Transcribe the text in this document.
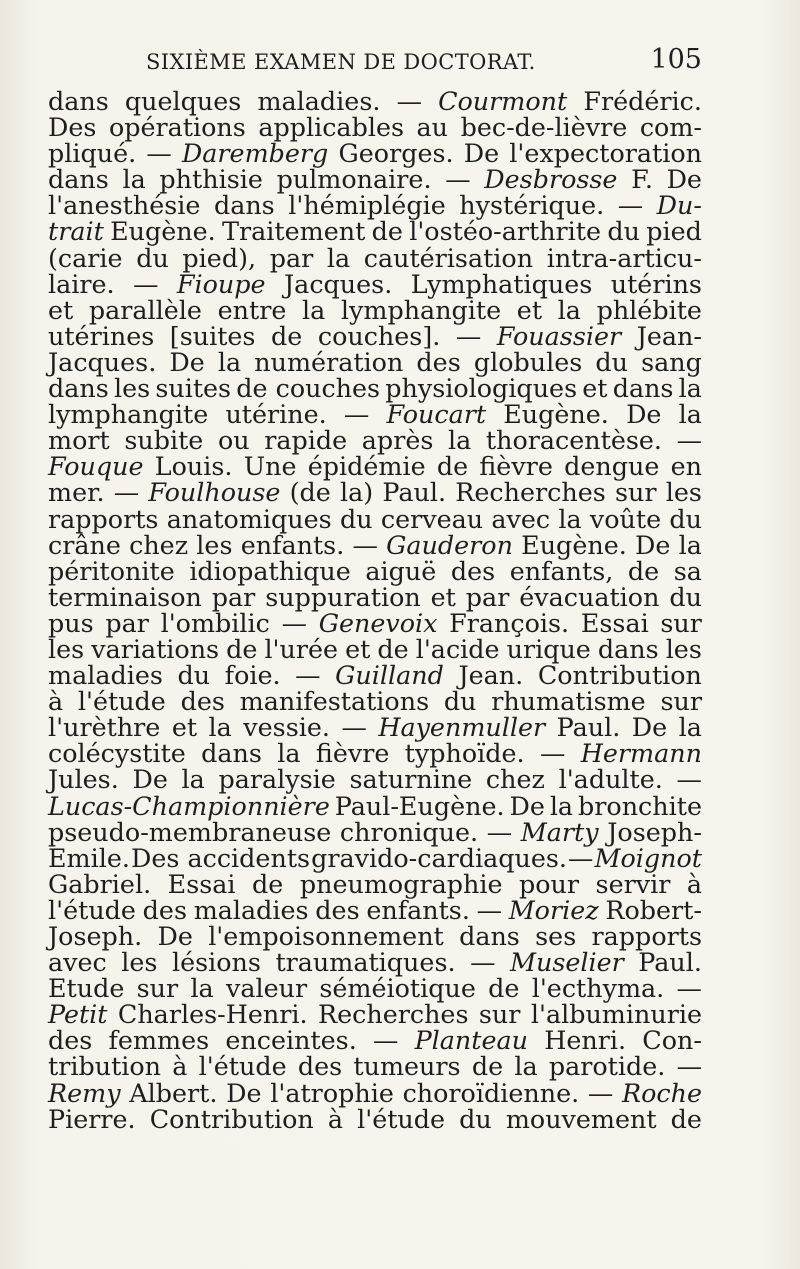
SIXIÈME EXAMEN DE DOCTORAT.	105
dans quelques maladies. — Courmont Frédéric.
Des opérations applicables au bec-de-lièvre com-
pliqué. — Daremberg Georges. De l'expectoration
dans la phthisie pulmonaire. — Desbrosse F. De
l'anesthésie dans l'hémiplégie hystérique. — Du-
trait Eugène. Traitement de l'ostéo-arthrite du pied
(carie du pied), par la cautérisation intra-articu-
laire. — Fioupe Jacques. Lymphatiques utérins
et parallèle entre la lymphangite et la phlébite
utérines [suites de couches]. — Fouassier Jean-
Jacques. De la numération des globules du sang
dans les suites de couches physiologiques et dans la
lymphangite utérine. — Foucart Eugène. De la
mort subite ou rapide après la thoracentèse. —
Fouque Louis. Une épidémie de fièvre dengue en
mer. — Foulhouse (de la) Paul. Recherches sur les
rapports anatomiques du cerveau avec la voûte du
crâne chez les enfants. — Gauderon Eugène. De la
péritonite idiopathique aiguë des enfants, de sa
terminaison par suppuration et par évacuation du
pus par l'ombilic — Genevoix François. Essai sur
les variations de l'urée et de l'acide urique dans les
maladies du foie. — Guilland Jean. Contribution
à l'étude des manifestations du rhumatisme sur
l'urèthre et la vessie. — Hayenmuller Paul. De la
colécystite dans la fièvre typhoïde. — Hermann
Jules. De la paralysie saturnine chez l'adulte. —
Lucas-Championnière Paul-Eugène. De la bronchite
pseudo-membraneuse chronique. — Marty Joseph-
Emile. Des accidents gravido-cardiaques. — Moignot
Gabriel. Essai de pneumographie pour servir à
l'étude des maladies des enfants. — Moriez Robert-
Joseph. De l'empoisonnement dans ses rapports
avec les lésions traumatiques. — Muselier Paul.
Etude sur la valeur séméiotique de l'ecthyma. —
Petit Charles-Henri. Recherches sur l'albuminurie
des femmes enceintes. — Planteau Henri. Con-
tribution à l'étude des tumeurs de la parotide. —
Remy Albert. De l'atrophie choroïdienne. — Roche
Pierre. Contribution à l'étude du mouvement de
